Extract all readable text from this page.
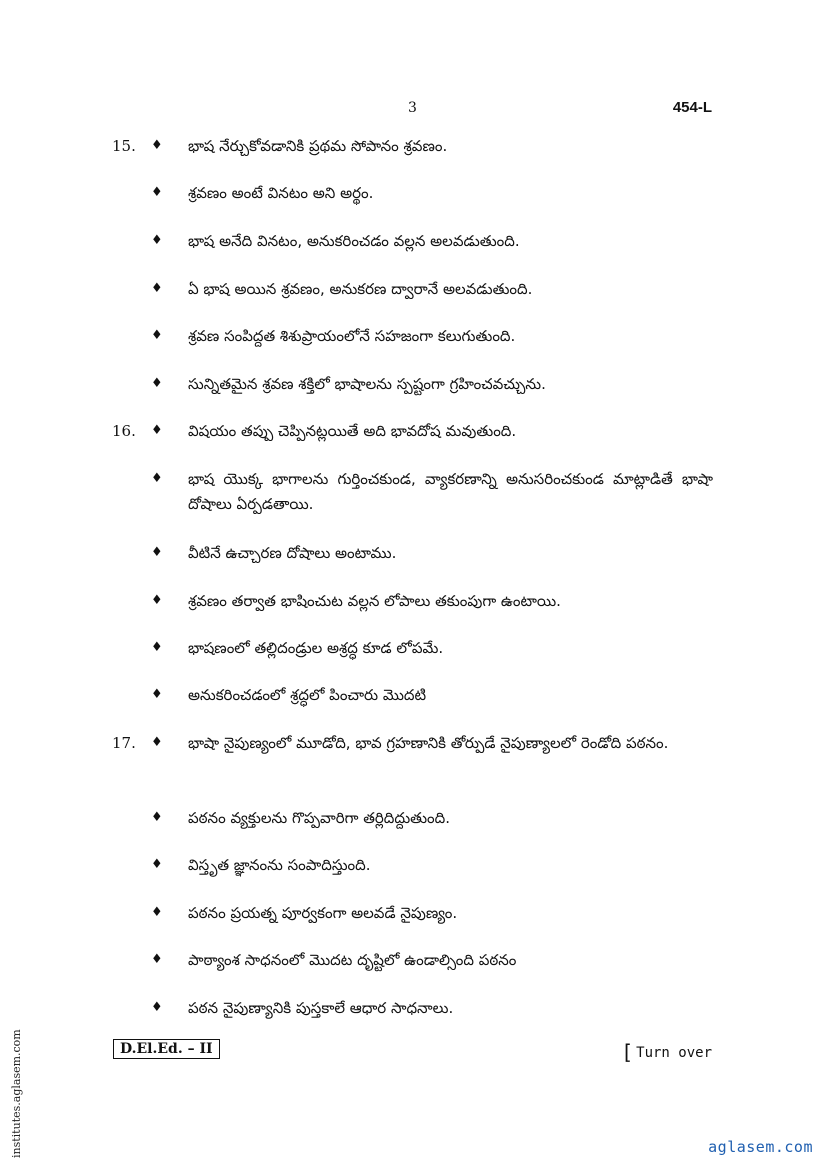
3	454-L
institutes.aglasem.com
15. ♦ భాష నేర్చుకోవడానికి ప్రథమ సోపానం శ్రవణం.
♦ శ్రవణం అంటే వినటం అని అర్థం.
♦ భాష అనేది వినటం, అనుకరించడం వల్లన అలవడుతుంది.
♦ ఏ భాష అయిన శ్రవణం, అనుకరణ ద్వారానే అలవడుతుంది.
♦ శ్రవణ సంపిద్దత శిశుప్రాయంలోనే సహజంగా కలుగుతుంది.
♦ సున్నితమైన శ్రవణ శక్తిలో భాషాలను స్పష్టంగా గ్రహించవచ్చును.
16. ♦ విషయం తప్పు చెప్పినట్లయితే అది భావదోష మవుతుంది.
♦ భాష యొక్క భాగాలను గుర్తించకుండ, వ్యాకరణాన్ని అనుసరించకుండ మాట్లాడితే భాషా దోషాలు ఏర్పడతాయి.
♦ వీటినే ఉచ్చారణ దోషాలు అంటాము.
♦ శ్రవణం తర్వాత భాషించుట వల్లన లోపాలు తకుంపుగా ఉంటాయి.
♦ భాషణంలో తల్లిదండ్రుల అశ్రద్ధ కూడ లోపమే.
♦ అనుకరించడంలో శ్రద్ధలో పించారు మొదటి
17. ♦ భాషా నైపుణ్యంలో మూడోది, భావ గ్రహణానికి తోర్పుడే నైపుణ్యాలలో రెండోది పఠనం.
♦ పఠనం వ్యక్తులను గొప్పవారిగా తర్లిదిద్దుతుంది.
♦ విస్తృత జ్ఞానంను సంపాదిస్తుంది.
♦ పఠనం ప్రయత్న పూర్వకంగా అలవడే నైపుణ్యం.
♦ పాఠ్యాంశ సాధనంలో మొదట దృష్టిలో ఉండాల్సింది పఠనం
♦ పఠన నైపుణ్యానికి పుస్తకాలే ఆధార సాధనాలు.
D.El.Ed. – II	[ Turn over
aglasem.com
